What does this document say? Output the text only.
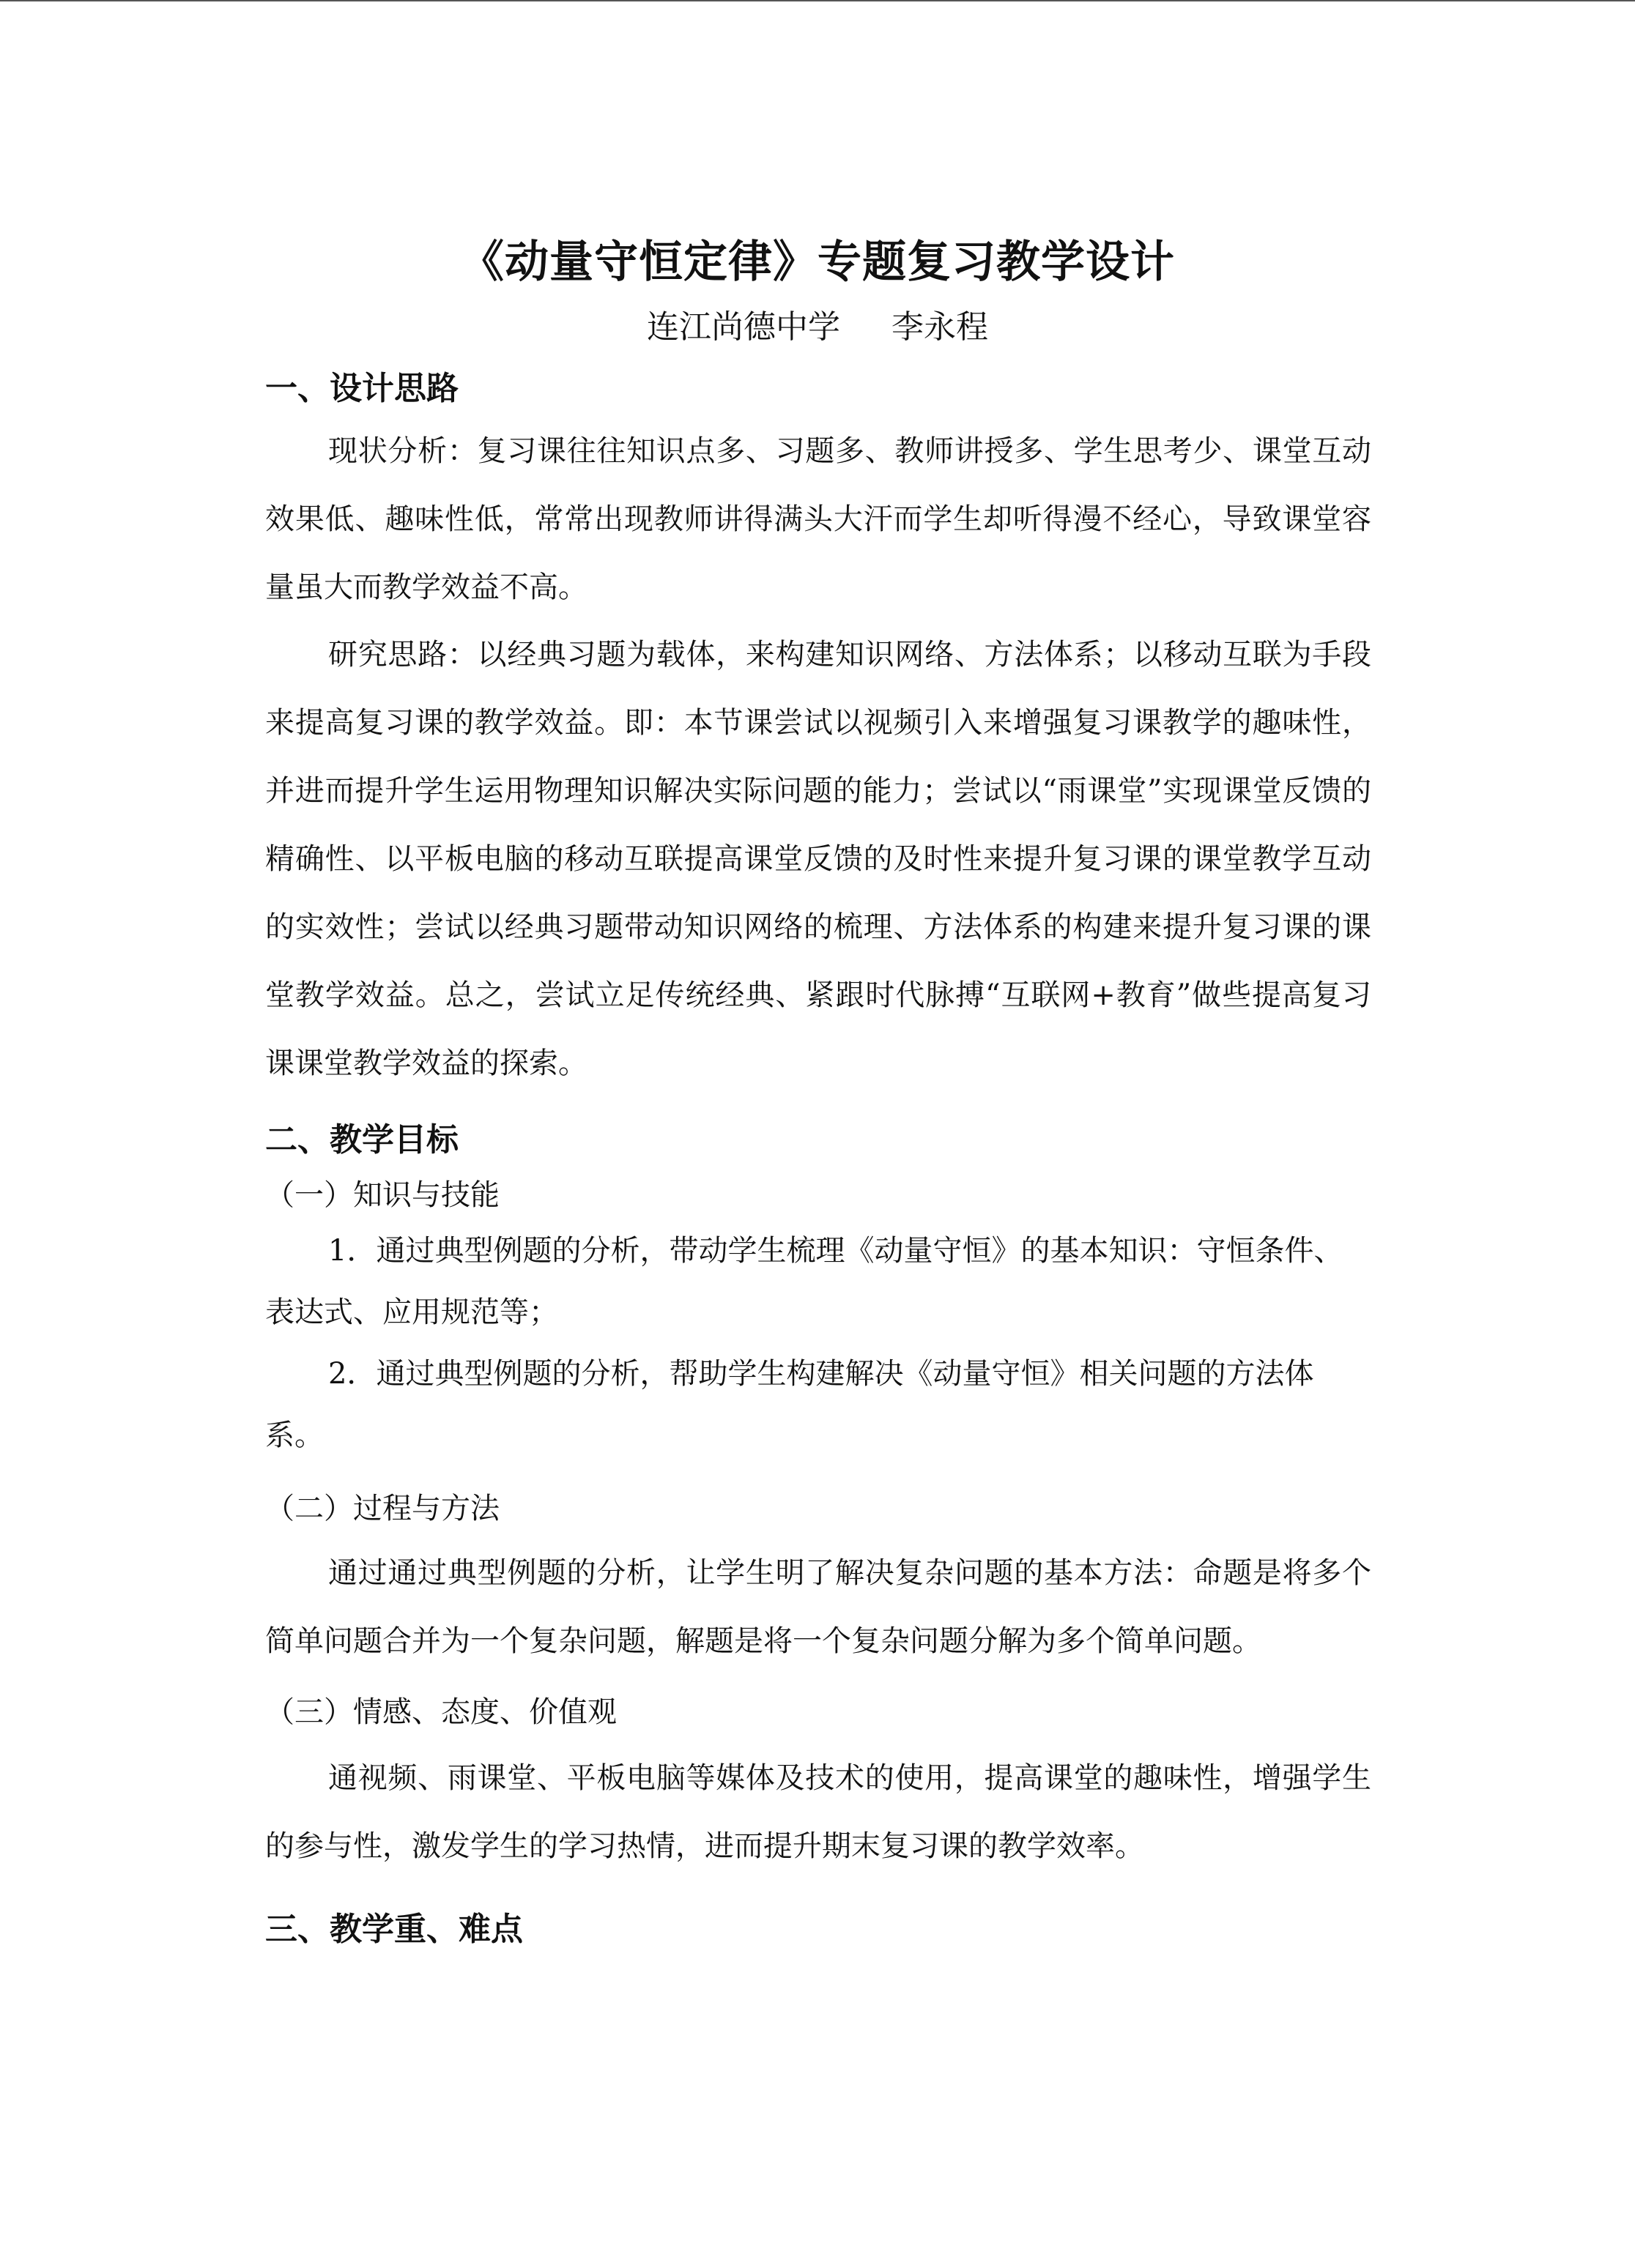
《动量守恒定律》专题复习教学设计
连江尚德中学 李永程
一、设计思路
现状分析：复习课往往知识点多、习题多、教师讲授多、学生思考少、课堂互动效果低、趣味性低，常常出现教师讲得满头大汗而学生却听得漫不经心，导致课堂容量虽大而教学效益不高。
研究思路：以经典习题为载体，来构建知识网络、方法体系；以移动互联为手段来提高复习课的教学效益。即：本节课尝试以视频引入来增强复习课教学的趣味性，并进而提升学生运用物理知识解决实际问题的能力；尝试以“雨课堂”实现课堂反馈的精确性、以平板电脑的移动互联提高课堂反馈的及时性来提升复习课的课堂教学互动的实效性；尝试以经典习题带动知识网络的梳理、方法体系的构建来提升复习课的课堂教学效益。总之，尝试立足传统经典、紧跟时代脉搏“互联网+教育”做些提高复习课课堂教学效益的探索。
二、教学目标
（一）知识与技能
1．通过典型例题的分析，带动学生梳理《动量守恒》的基本知识：守恒条件、表达式、应用规范等；
2．通过典型例题的分析，帮助学生构建解决《动量守恒》相关问题的方法体系。
（二）过程与方法
通过通过典型例题的分析，让学生明了解决复杂问题的基本方法：命题是将多个简单问题合并为一个复杂问题，解题是将一个复杂问题分解为多个简单问题。
（三）情感、态度、价值观
通视频、雨课堂、平板电脑等媒体及技术的使用，提高课堂的趣味性，增强学生的参与性，激发学生的学习热情，进而提升期末复习课的教学效率。
三、教学重、难点
